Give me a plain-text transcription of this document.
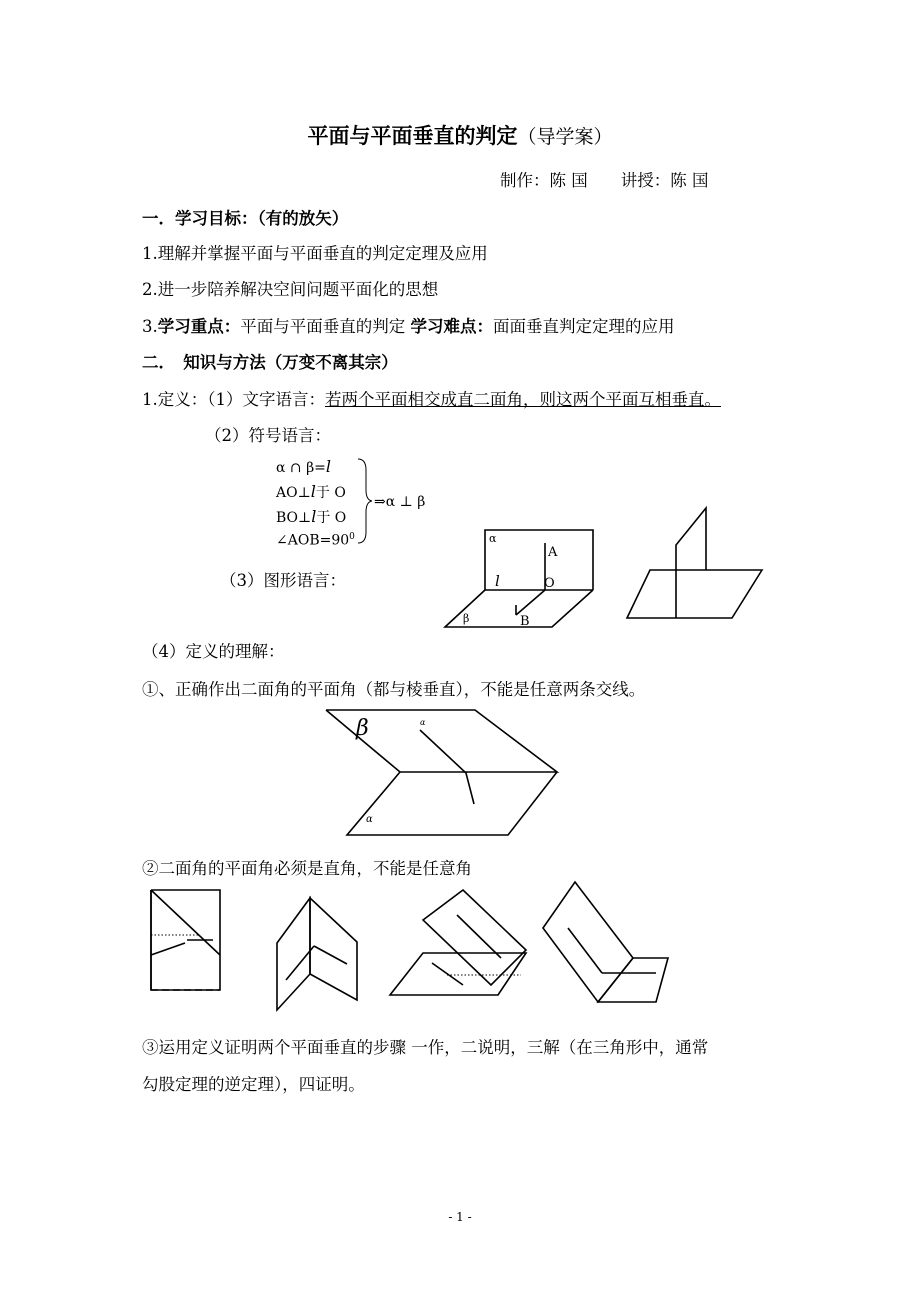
平面与平面垂直的判定（导学案）
制作：陈 国　　讲授：陈 国
一．学习目标：（有的放矢）
1.理解并掌握平面与平面垂直的判定定理及应用
2.进一步陪养解决空间问题平面化的思想
3.学习重点：平面与平面垂直的判定 学习难点：面面垂直判定定理的应用
二．　知识与方法（万变不离其宗）
1.定义：（1）文字语言：若两个平面相交成直二面角，则这两个平面互相垂直。
（2）符号语言：
α ∩ β=l
AO⊥l于 O
BO⊥l于 O
$\angle AOB=90^0$
⇒α ⊥ β
α
A
l	O
β	B
（3）图形语言：
（4）定义的理解：
①、正确作出二面角的平面角（都与棱垂直），不能是任意两条交线。
β	α
α
②二面角的平面角必须是直角，不能是任意角
③运用定义证明两个平面垂直的步骤 一作，二说明，三解（在三角形中，通常
勾股定理的逆定理），四证明。
- 1 -
